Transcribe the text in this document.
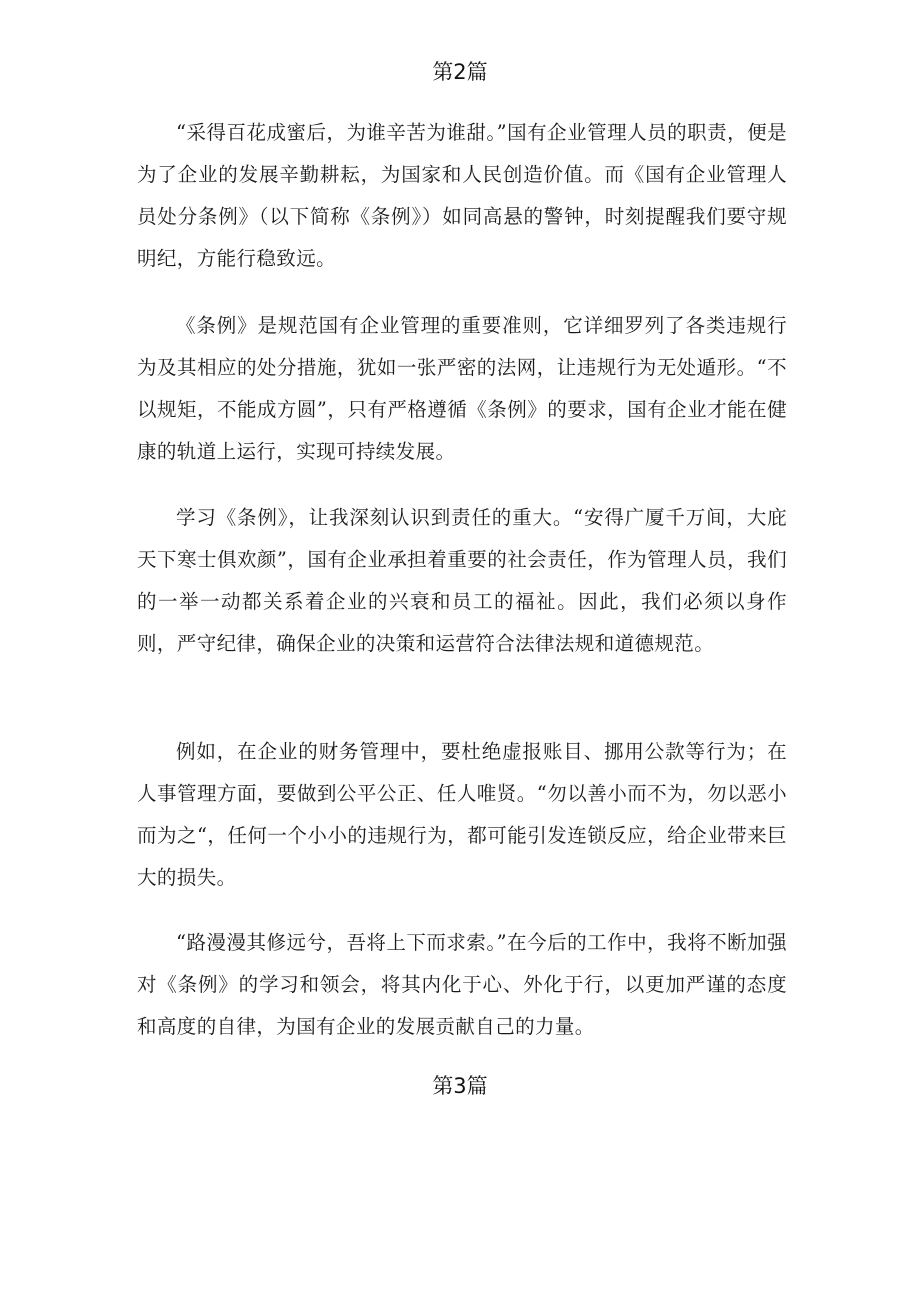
第2篇

“采得百花成蜜后，为谁辛苦为谁甜。”国有企业管理人员的职责，便是为了企业的发展辛勤耕耘，为国家和人民创造价值。而《国有企业管理人员处分条例》（以下简称《条例》）如同高悬的警钟，时刻提醒我们要守规明纪，方能行稳致远。

《条例》是规范国有企业管理的重要准则，它详细罗列了各类违规行为及其相应的处分措施，犹如一张严密的法网，让违规行为无处遁形。“不以规矩，不能成方圆”，只有严格遵循《条例》的要求，国有企业才能在健康的轨道上运行，实现可持续发展。

学习《条例》，让我深刻认识到责任的重大。“安得广厦千万间，大庇天下寒士俱欢颜”，国有企业承担着重要的社会责任，作为管理人员，我们的一举一动都关系着企业的兴衰和员工的福祉。因此，我们必须以身作则，严守纪律，确保企业的决策和运营符合法律法规和道德规范。

例如，在企业的财务管理中，要杜绝虚报账目、挪用公款等行为；在人事管理方面，要做到公平公正、任人唯贤。“勿以善小而不为，勿以恶小而为之“，任何一个小小的违规行为，都可能引发连锁反应，给企业带来巨大的损失。

“路漫漫其修远兮，吾将上下而求索。”在今后的工作中，我将不断加强对《条例》的学习和领会，将其内化于心、外化于行，以更加严谨的态度和高度的自律，为国有企业的发展贡献自己的力量。

第3篇
